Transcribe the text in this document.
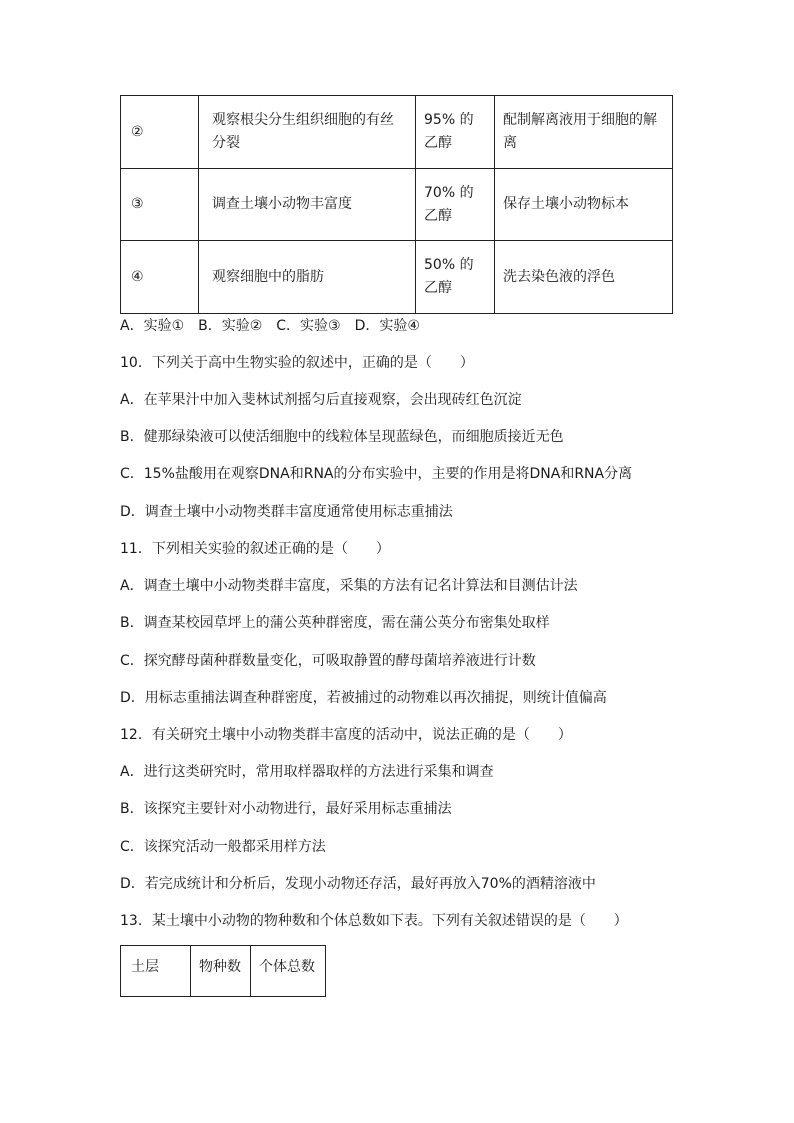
②	观察根尖分生组织细胞的有丝分裂	95% 的 乙醇	配制解离液用于细胞的解离
③	调查土壤小动物丰富度	70% 的 乙醇	保存土壤小动物标本
④	观察细胞中的脂肪	50% 的 乙醇	洗去染色液的浮色
A．实验①　B．实验②　C．实验③　D．实验④
10．下列关于高中生物实验的叙述中，正确的是（　　）
A．在苹果汁中加入斐林试剂摇匀后直接观察，会出现砖红色沉淀
B．健那绿染液可以使活细胞中的线粒体呈现蓝绿色，而细胞质接近无色
C．15%盐酸用在观察DNA和RNA的分布实验中，主要的作用是将DNA和RNA分离
D．调查土壤中小动物类群丰富度通常使用标志重捕法
11．下列相关实验的叙述正确的是（　　）
A．调查土壤中小动物类群丰富度，采集的方法有记名计算法和目测估计法
B．调查某校园草坪上的蒲公英种群密度，需在蒲公英分布密集处取样
C．探究酵母菌种群数量变化，可吸取静置的酵母菌培养液进行计数
D．用标志重捕法调查种群密度，若被捕过的动物难以再次捕捉，则统计值偏高
12．有关研究土壤中小动物类群丰富度的活动中，说法正确的是（　　）
A．进行这类研究时，常用取样器取样的方法进行采集和调查
B．该探究主要针对小动物进行，最好采用标志重捕法
C．该探究活动一般都采用样方法
D．若完成统计和分析后，发现小动物还存活，最好再放入70%的酒精溶液中
13．某土壤中小动物的物种数和个体总数如下表。下列有关叙述错误的是（　　）
土层	物种数	个体总数
